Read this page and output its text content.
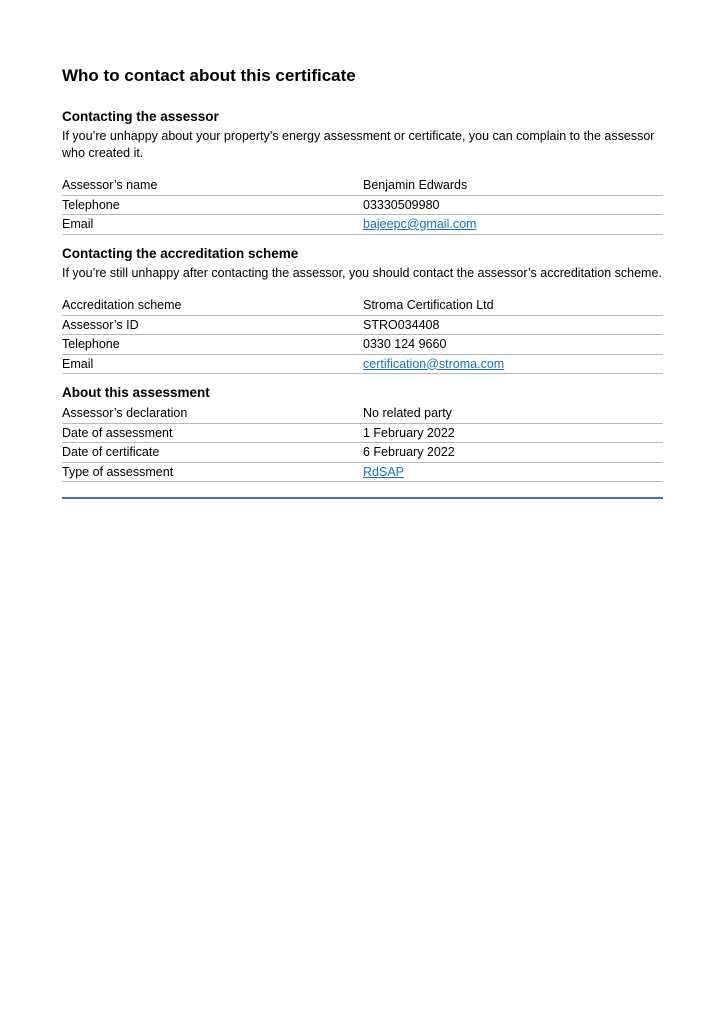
Who to contact about this certificate
Contacting the assessor

If you’re unhappy about your property’s energy assessment or certificate, you can complain to the assessor who created it.

Assessor’s name	Benjamin Edwards
Telephone	03330509980
Email	bajeepc@gmail.com
Contacting the accreditation scheme

If you’re still unhappy after contacting the assessor, you should contact the assessor’s accreditation scheme.

Accreditation scheme	Stroma Certification Ltd
Assessor’s ID	STRO034408
Telephone	0330 124 9660
Email	certification@stroma.com
About this assessment
Assessor’s declaration	No related party
Date of assessment	1 February 2022
Date of certificate	6 February 2022
Type of assessment	RdSAP
